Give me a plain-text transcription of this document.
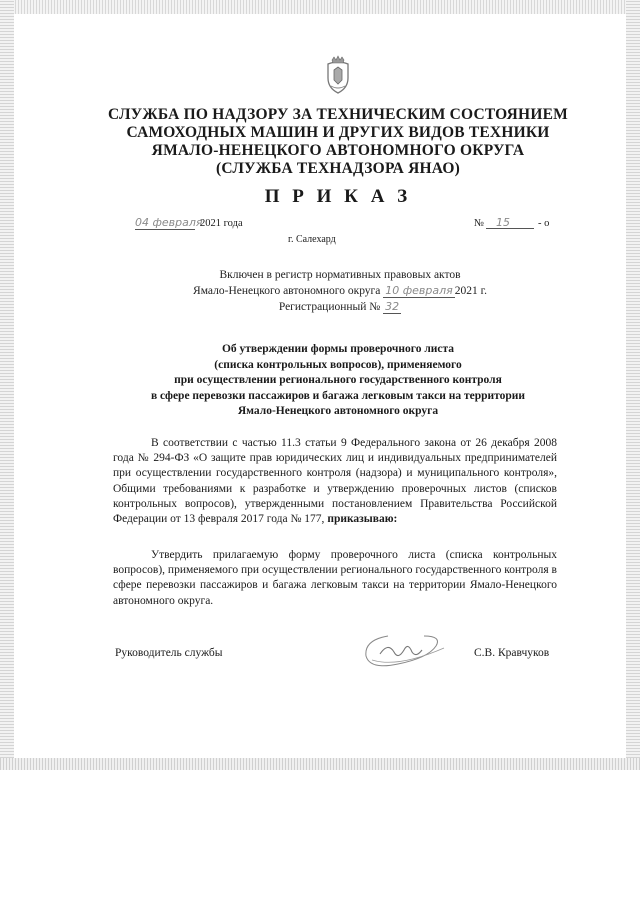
СЛУЖБА ПО НАДЗОРУ ЗА ТЕХНИЧЕСКИМ СОСТОЯНИЕМ
САМОХОДНЫХ МАШИН И ДРУГИХ ВИДОВ ТЕХНИКИ
ЯМАЛО-НЕНЕЦКОГО АВТОНОМНОГО ОКРУГА
(СЛУЖБА ТЕХНАДЗОРА ЯНАО)
П Р И К А З
04 февраля
2021 года	№ 15	- о
г. Салехард
Включен в регистр нормативных правовых актов
Ямало-Ненецкого автономного округа 10 февраля 2021 г.
Регистрационный № 32
Об утверждении формы проверочного листа
(списка контрольных вопросов), применяемого
при осуществлении регионального государственного контроля
в сфере перевозки пассажиров и багажа легковым такси на территории
Ямало-Ненецкого автономного округа
В соответствии с частью 11.3 статьи 9 Федерального закона от 26 декабря 2008 года № 294-ФЗ «О защите прав юридических лиц и индивидуальных предпринимателей при осуществлении государственного контроля (надзора) и муниципального контроля», Общими требованиями к разработке и утверждению проверочных листов (списков контрольных вопросов), утвержденными постановлением Правительства Российской Федерации от 13 февраля 2017 года № 177, приказываю:
Утвердить прилагаемую форму проверочного листа (списка контрольных вопросов), применяемого при осуществлении регионального государственного контроля в сфере перевозки пассажиров и багажа легковым такси на территории Ямало-Ненецкого автономного округа.
Руководитель службы	С.В. Кравчуков
